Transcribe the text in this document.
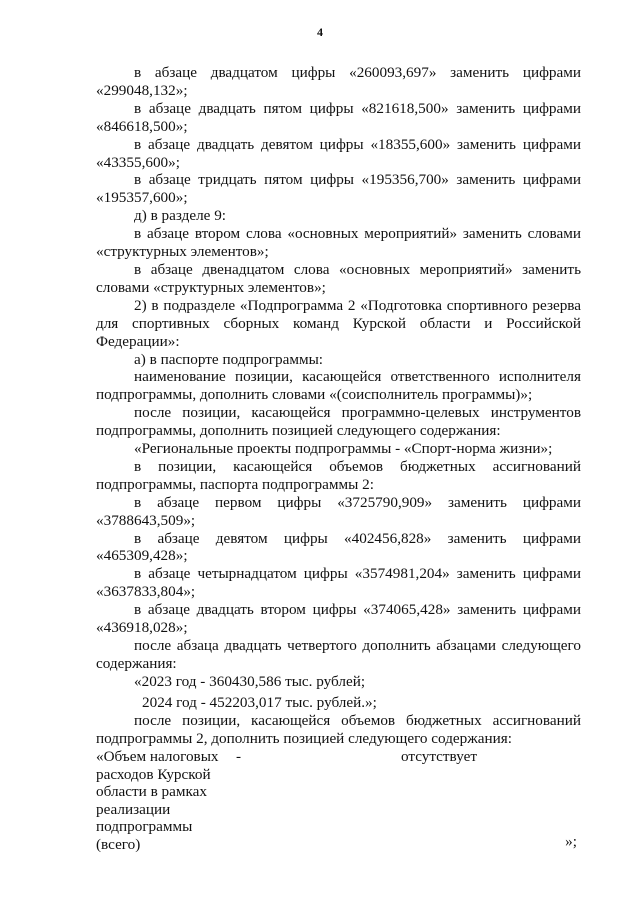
4

в абзаце двадцатом цифры «260093,697» заменить цифрами «299048,132»;

в абзаце двадцать пятом цифры «821618,500» заменить цифрами «846618,500»;

в абзаце двадцать девятом цифры «18355,600» заменить цифрами «43355,600»;

в абзаце тридцать пятом цифры «195356,700» заменить цифрами «195357,600»;

д) в разделе 9:

в абзаце втором слова «основных мероприятий» заменить словами «структурных элементов»;

в абзаце двенадцатом слова «основных мероприятий» заменить словами «структурных элементов»;

2) в подразделе «Подпрограмма 2 «Подготовка спортивного резерва для спортивных сборных команд Курской области и Российской Федерации»:

а) в паспорте подпрограммы:

наименование позиции, касающейся ответственного исполнителя подпрограммы, дополнить словами «(соисполнитель программы)»;

после позиции, касающейся программно-целевых инструментов подпрограммы, дополнить позицией следующего содержания:

«Региональные проекты подпрограммы - «Спорт-норма жизни»;

в позиции, касающейся объемов бюджетных ассигнований подпрограммы, паспорта подпрограммы 2:

в абзаце первом цифры «3725790,909» заменить цифрами «3788643,509»;

в абзаце девятом цифры «402456,828» заменить цифрами «465309,428»;

в абзаце четырнадцатом цифры «3574981,204» заменить цифрами «3637833,804»;

в абзаце двадцать втором цифры «374065,428» заменить цифрами «436918,028»;

после абзаца двадцать четвертого дополнить абзацами следующего содержания:

«2023 год - 360430,586 тыс. рублей;

2024 год - 452203,017 тыс. рублей.»;

после позиции, касающейся объемов бюджетных ассигнований подпрограммы 2, дополнить позицией следующего содержания:

«Объем налоговых
расходов Курской
области в рамках
реализации
подпрограммы
(всего)
-	отсутствует
»;
